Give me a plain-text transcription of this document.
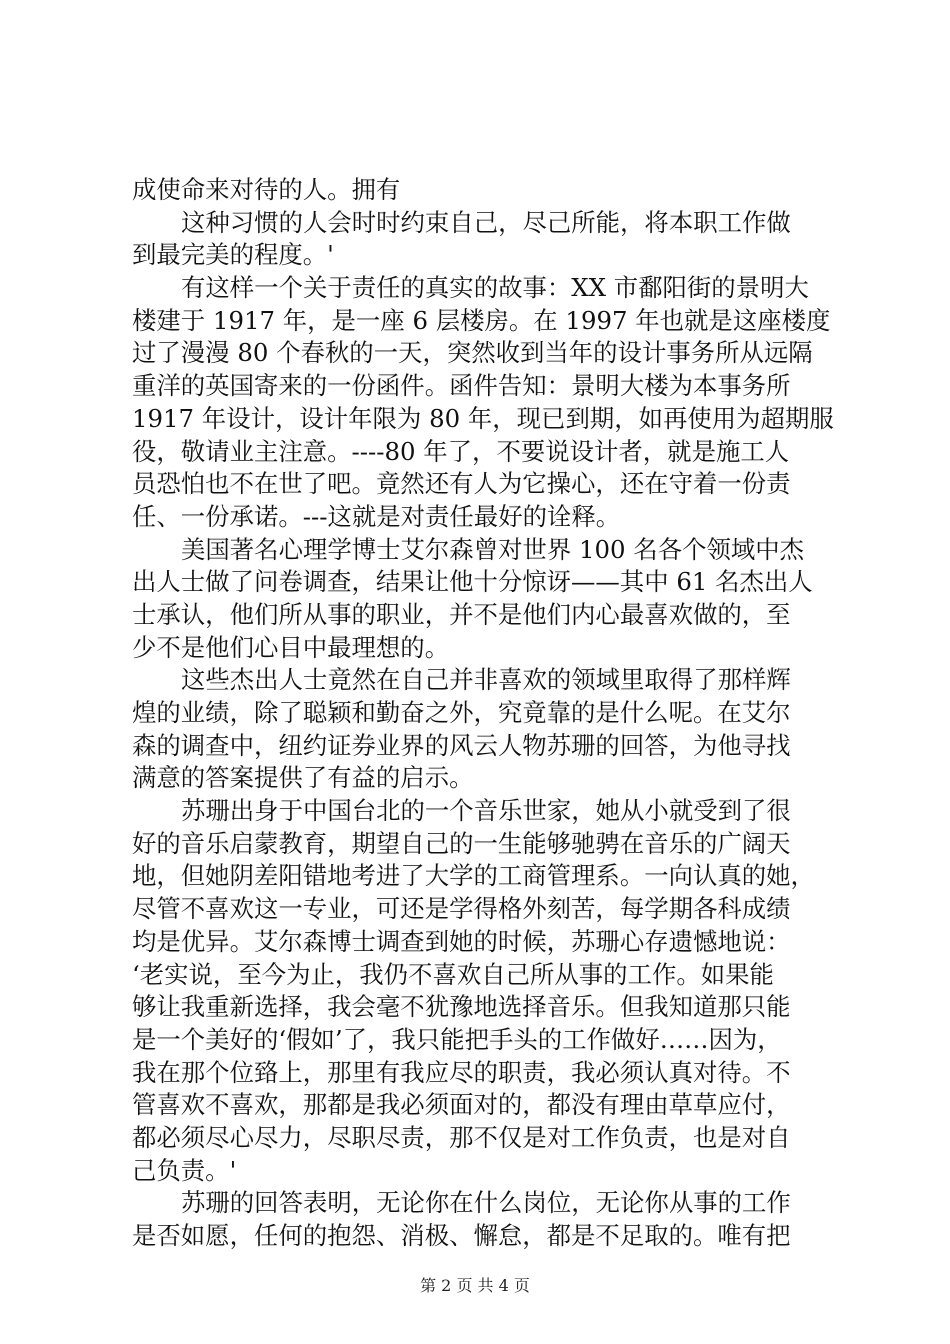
成使命来对待的人。拥有
这种习惯的人会时时约束自己，尽己所能，将本职工作做
到最完美的程度。'
有这样一个关于责任的真实的故事：XX 市鄱阳街的景明大
楼建于 1917 年，是一座 6 层楼房。在 1997 年也就是这座楼度
过了漫漫 80 个春秋的一天，突然收到当年的设计事务所从远隔
重洋的英国寄来的一份函件。函件告知：景明大楼为本事务所
1917 年设计，设计年限为 80 年，现已到期，如再使用为超期服
役，敬请业主注意。----80 年了，不要说设计者，就是施工人
员恐怕也不在世了吧。竟然还有人为它操心，还在守着一份责
任、一份承诺。---这就是对责任最好的诠释。
美国著名心理学博士艾尔森曾对世界 100 名各个领域中杰
出人士做了问卷调查，结果让他十分惊讶——其中 61 名杰出人
士承认，他们所从事的职业，并不是他们内心最喜欢做的，至
少不是他们心目中最理想的。
这些杰出人士竟然在自己并非喜欢的领域里取得了那样辉
煌的业绩，除了聪颖和勤奋之外，究竟靠的是什么呢。在艾尔
森的调查中，纽约证券业界的风云人物苏珊的回答，为他寻找
满意的答案提供了有益的启示。
苏珊出身于中国台北的一个音乐世家，她从小就受到了很
好的音乐启蒙教育，期望自己的一生能够驰骋在音乐的广阔天
地，但她阴差阳错地考进了大学的工商管理系。一向认真的她，
尽管不喜欢这一专业，可还是学得格外刻苦，每学期各科成绩
均是优异。艾尔森博士调查到她的时候，苏珊心存遗憾地说：
‘老实说，至今为止，我仍不喜欢自己所从事的工作。如果能
够让我重新选择，我会毫不犹豫地选择音乐。但我知道那只能
是一个美好的‘假如’了，我只能把手头的工作做好……因为，
我在那个位臵上，那里有我应尽的职责，我必须认真对待。不
管喜欢不喜欢，那都是我必须面对的，都没有理由草草应付，
都必须尽心尽力，尽职尽责，那不仅是对工作负责，也是对自
己负责。'
苏珊的回答表明，无论你在什么岗位，无论你从事的工作
是否如愿，任何的抱怨、消极、懈怠，都是不足取的。唯有把
第 2 页 共 4 页
